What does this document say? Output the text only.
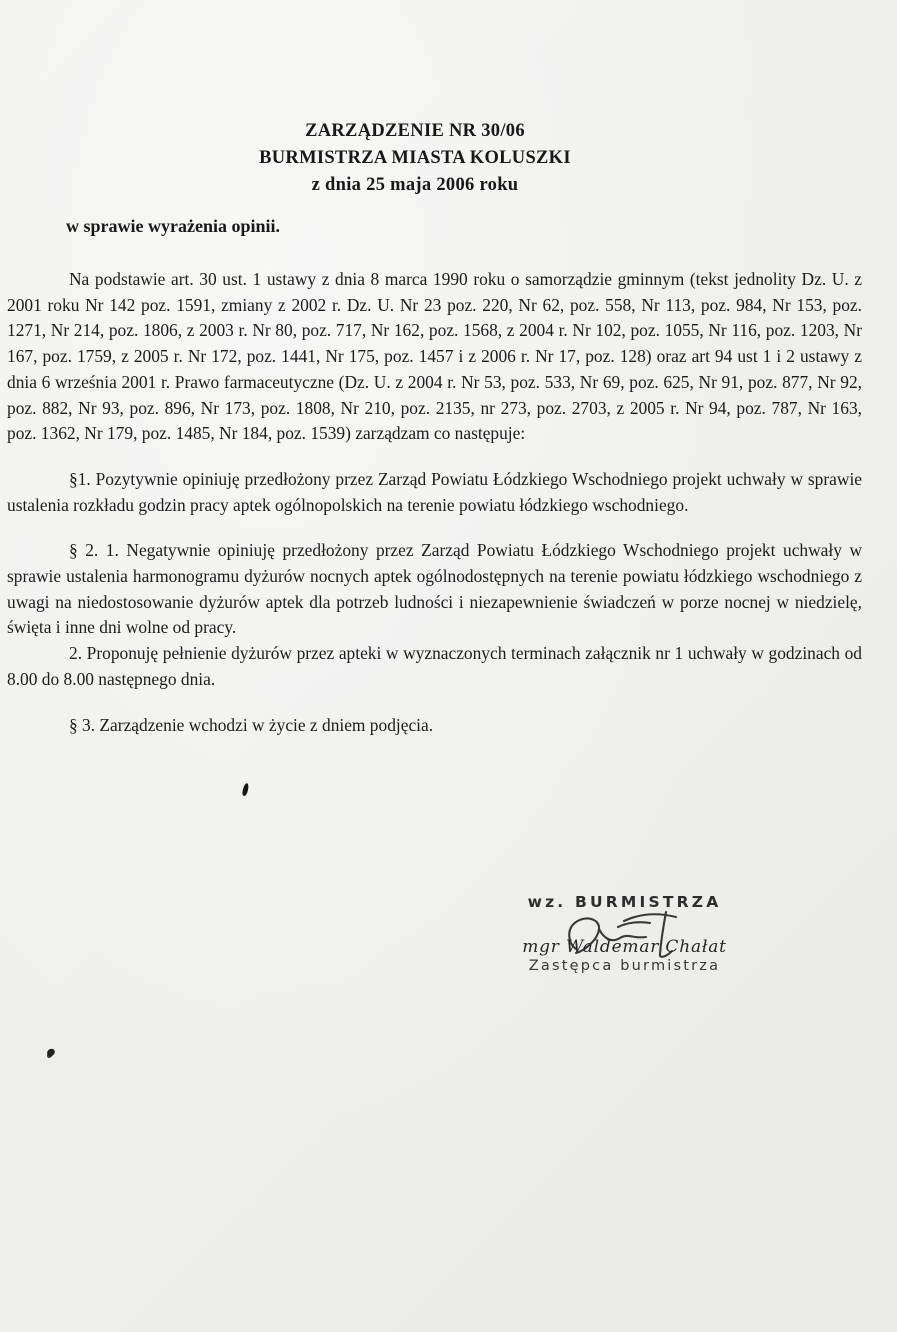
ZARZĄDZENIE NR 30/06
BURMISTRZA MIASTA KOLUSZKI
z dnia 25 maja 2006 roku
w sprawie wyrażenia opinii.

Na podstawie art. 30 ust. 1 ustawy z dnia 8 marca 1990 roku o samorządzie gminnym (tekst jednolity Dz. U. z 2001 roku Nr 142 poz. 1591, zmiany z 2002 r. Dz. U. Nr 23 poz. 220, Nr 62, poz. 558, Nr 113, poz. 984, Nr 153, poz. 1271, Nr 214, poz. 1806, z 2003 r. Nr 80, poz. 717, Nr 162, poz. 1568, z 2004 r. Nr 102, poz. 1055, Nr 116, poz. 1203, Nr 167, poz. 1759, z 2005 r. Nr 172, poz. 1441, Nr 175, poz. 1457 i z 2006 r. Nr 17, poz. 128) oraz art 94 ust 1 i 2 ustawy z dnia 6 września 2001 r. Prawo farmaceutyczne (Dz. U. z 2004 r. Nr 53, poz. 533, Nr 69, poz. 625, Nr 91, poz. 877, Nr 92, poz. 882, Nr 93, poz. 896, Nr 173, poz. 1808, Nr 210, poz. 2135, nr 273, poz. 2703, z 2005 r. Nr 94, poz. 787, Nr 163, poz. 1362, Nr 179, poz. 1485, Nr 184, poz. 1539) zarządzam co następuje:

§1. Pozytywnie opiniuję przedłożony przez Zarząd Powiatu Łódzkiego Wschodniego projekt uchwały w sprawie ustalenia rozkładu godzin pracy aptek ogólnopolskich na terenie powiatu łódzkiego wschodniego.

§ 2. 1. Negatywnie opiniuję przedłożony przez Zarząd Powiatu Łódzkiego Wschodniego projekt uchwały w sprawie ustalenia harmonogramu dyżurów nocnych aptek ogólnodostępnych na terenie powiatu łódzkiego wschodniego z uwagi na niedostosowanie dyżurów aptek dla potrzeb ludności i niezapewnienie świadczeń w porze nocnej w niedzielę, święta i inne dni wolne od pracy.

2. Proponuję pełnienie dyżurów przez apteki w wyznaczonych terminach załącznik nr 1 uchwały w godzinach od 8.00 do 8.00 następnego dnia.

§ 3. Zarządzenie wchodzi w życie z dniem podjęcia.

wz. BURMISTRZA
mgr Waldemar Chałat
Zastępca burmistrza
